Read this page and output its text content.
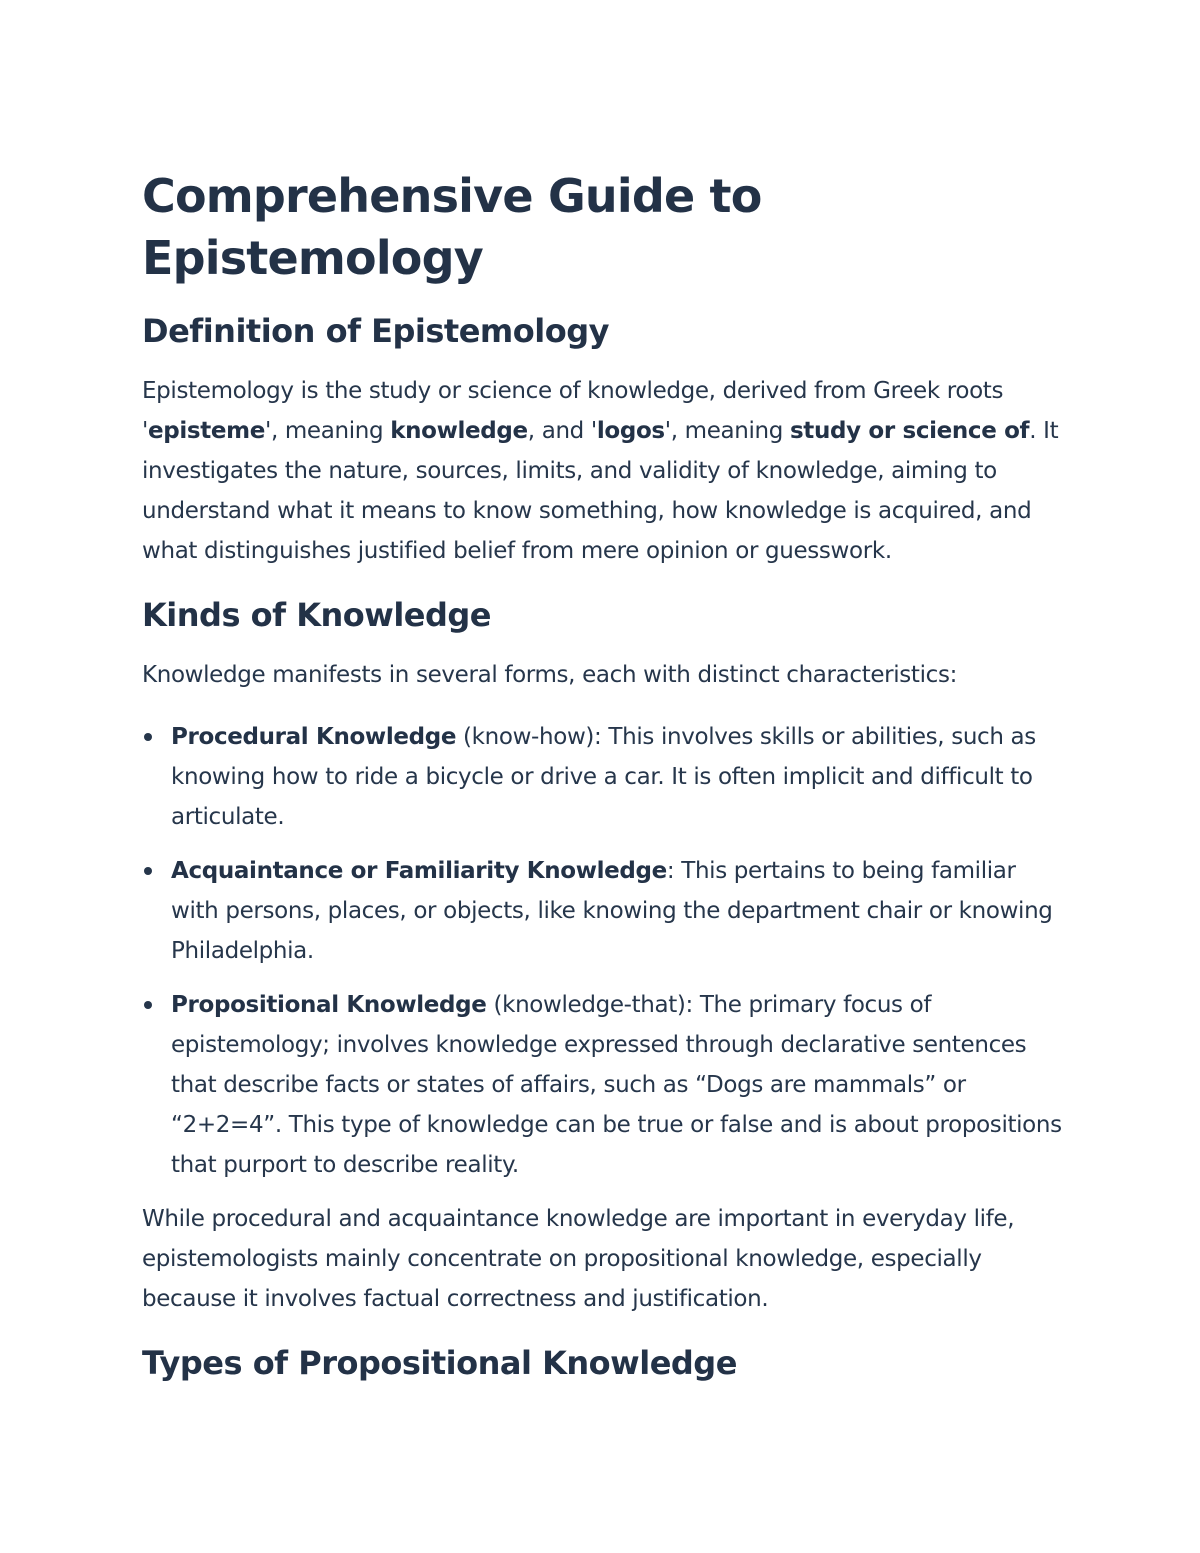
Comprehensive Guide to Epistemology
Definition of Epistemology

Epistemology is the study or science of knowledge, derived from Greek roots 'episteme', meaning knowledge, and 'logos', meaning study or science of. It investigates the nature, sources, limits, and validity of knowledge, aiming to understand what it means to know something, how knowledge is acquired, and what distinguishes justified belief from mere opinion or guesswork.

Kinds of Knowledge

Knowledge manifests in several forms, each with distinct characteristics:

Procedural Knowledge (know-how): This involves skills or abilities, such as knowing how to ride a bicycle or drive a car. It is often implicit and difficult to articulate.
Acquaintance or Familiarity Knowledge: This pertains to being familiar with persons, places, or objects, like knowing the department chair or knowing Philadelphia.
Propositional Knowledge (knowledge-that): The primary focus of epistemology; involves knowledge expressed through declarative sentences that describe facts or states of affairs, such as “Dogs are mammals” or “2+2=4”. This type of knowledge can be true or false and is about propositions that purport to describe reality.

While procedural and acquaintance knowledge are important in everyday life, epistemologists mainly concentrate on propositional knowledge, especially because it involves factual correctness and justification.

Types of Propositional Knowledge
